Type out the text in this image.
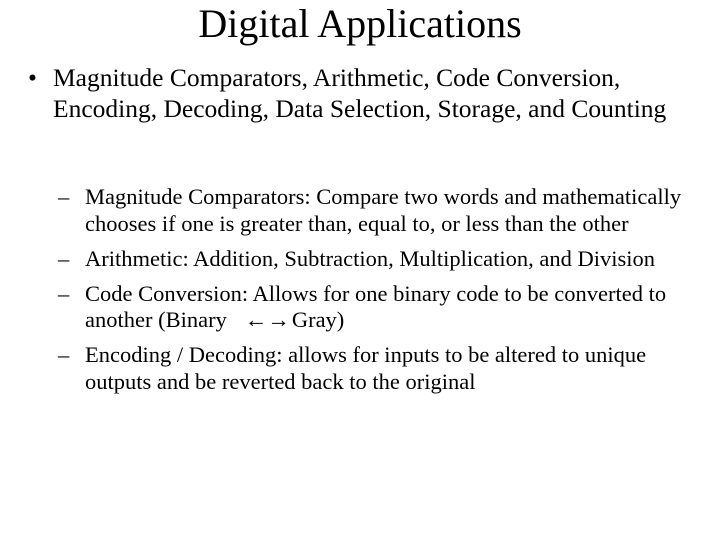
Digital Applications
• Magnitude Comparators, Arithmetic, Code Conversion, Encoding, Decoding, Data Selection, Storage, and Counting
– Magnitude Comparators: Compare two words and mathematically chooses if one is greater than, equal to, or less than the other
– Arithmetic: Addition, Subtraction, Multiplication, and Division
– Code Conversion: Allows for one binary code to be converted to another (Binary ←→Gray)
– Encoding / Decoding: allows for inputs to be altered to unique outputs and be reverted back to the original
